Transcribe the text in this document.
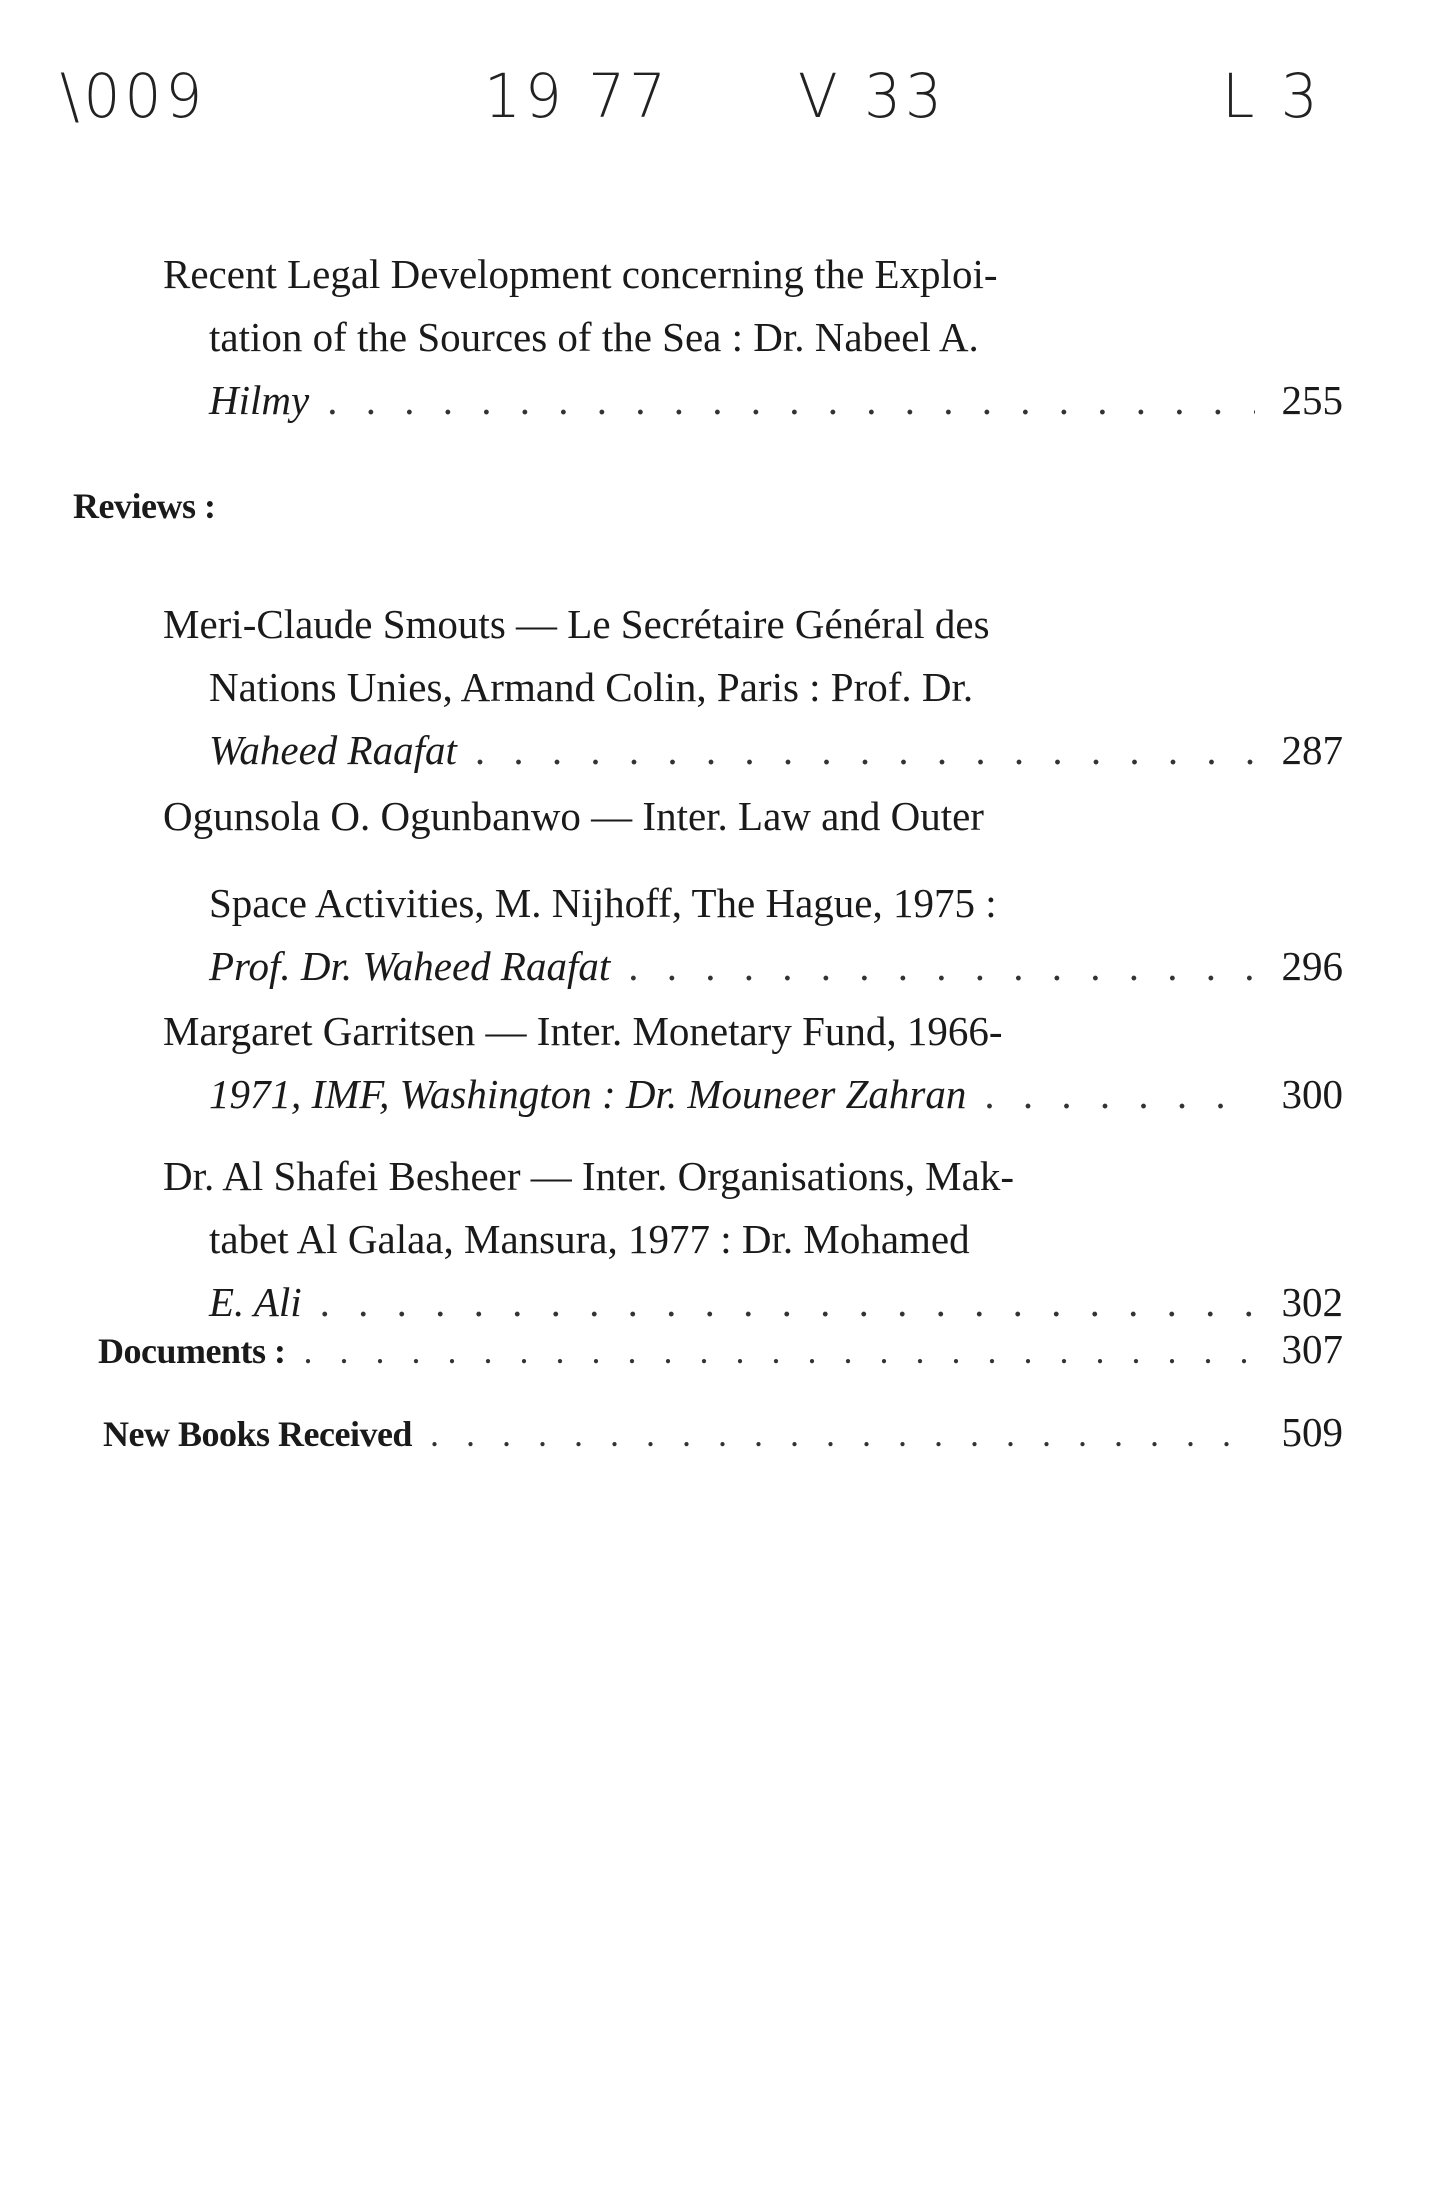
\009	19 77 V 33	L 3
Recent Legal Development concerning the Exploi-
tation of the Sources of the Sea : Dr. Nabeel A.
Hilmy . . .	255
Reviews :
Meri-Claude Smouts — Le Secrétaire Général des
Nations Unies, Armand Colin, Paris : Prof. Dr.
Waheed Raafat . . .	287
Ogunsola O. Ogunbanwo — Inter. Law and Outer
Space Activities, M. Nijhoff, The Hague, 1975 :
Prof. Dr. Waheed Raafat . . .	296
Margaret Garritsen — Inter. Monetary Fund, 1966-
1971, IMF, Washington : Dr. Mouneer Zahran . . .	300
Dr. Al Shafei Besheer — Inter. Organisations, Mak-
tabet Al Galaa, Mansura, 1977 : Dr. Mohamed
E. Ali . . .	302
Documents : . . .	307
New Books Received . . .	509
